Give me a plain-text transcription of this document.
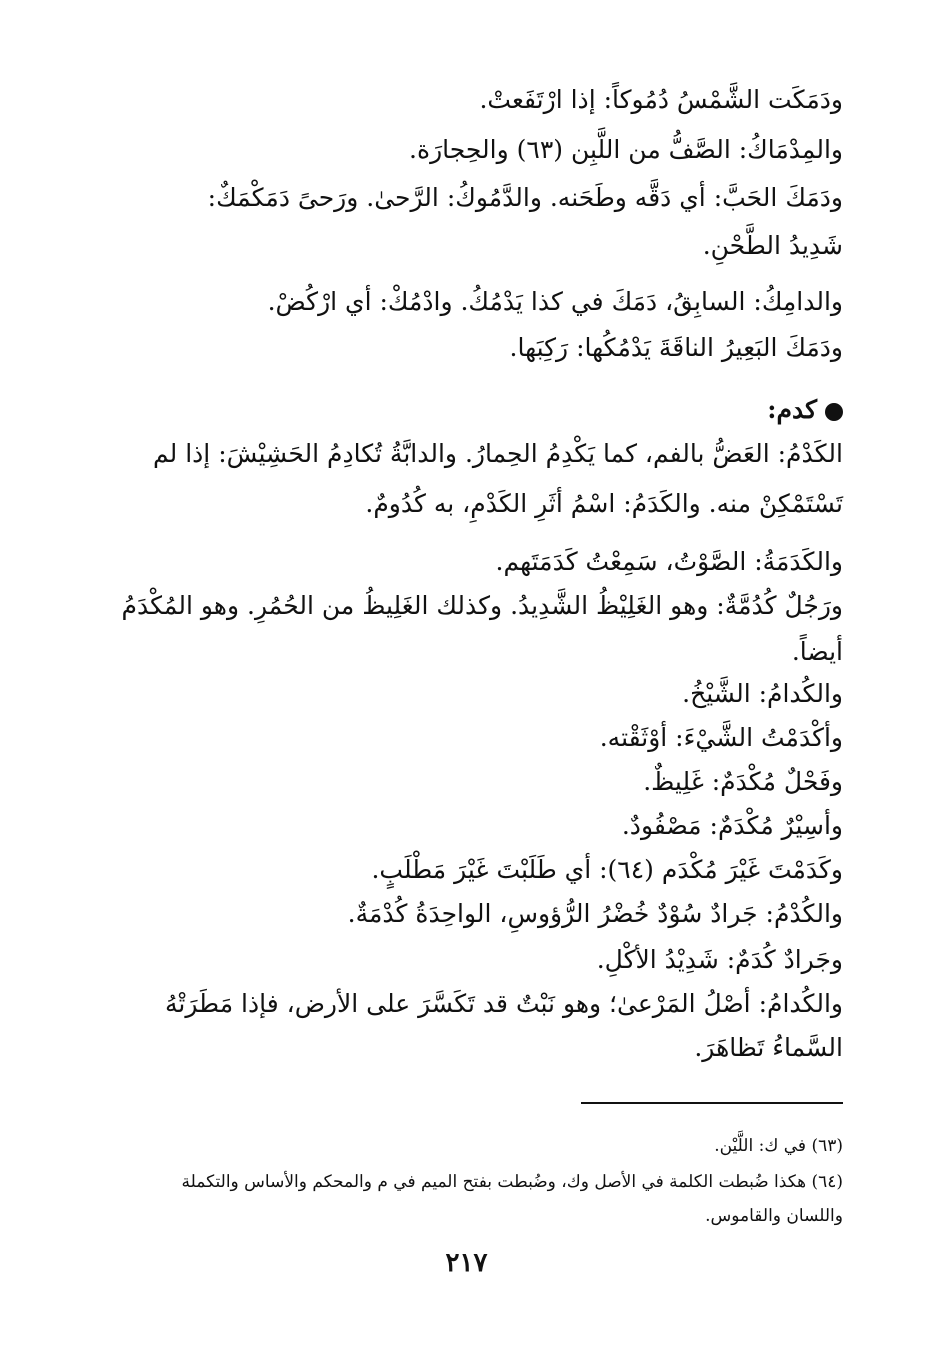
ودَمَكَت الشَّمْسُ دُمُوكاً: إذا ارْتَفَعتْ.
والمِدْمَاكُ: الصَّفُّ من اللَّبِن (٦٣) والحِجارَة.
ودَمَكَ الحَبَّ: أي دَقَّه وطَحَنه. والدَّمُوكُ: الرَّحىٰ. ورَحىً دَمَكْمَكٌ:
شَدِيدُ الطَّحْنِ.
والدامِكُ: السابِقُ، دَمَكَ في كذا يَدْمُكُ. وادْمُكْ: أي ارْكُضْ.
ودَمَكَ البَعِيرُ الناقَةَ يَدْمُكُها: رَكِبَها.
كدم:
الكَدْمُ: العَضُّ بالفم، كما يَكْدِمُ الحِمارُ. والدابَّةُ تُكادِمُ الحَشِيْشَ: إذا لم
تَسْتَمْكِنْ منه. والكَدَمُ: اسْمُ أثَرِ الكَدْمِ، به كُدُومٌ.
والكَدَمَةُ: الصَّوْتُ، سَمِعْتُ كَدَمَتَهم.
ورَجُلٌ كُدُمَّةٌ: وهو الغَلِيْظُ الشَّدِيدُ. وكذلك الغَلِيظُ من الحُمُرِ. وهو المُكْدَمُ
أيضاً.
والكُدامُ: الشَّيْخُ.
وأكْدَمْتُ الشَّيْءَ: أوْثَقْته.
وفَحْلٌ مُكْدَمٌ: غَلِيظٌ.
وأسِيْرٌ مُكْدَمٌ: مَصْفُودٌ.
وكَدَمْتَ غَيْرَ مُكْدَم (٦٤): أي طَلَبْتَ غَيْرَ مَطْلَبٍ.
والكُدْمُ: جَرادٌ سُوْدٌ خُضْرُ الرُّؤوسِ، الواحِدَةُ كُدْمَةٌ.
وجَرادٌ كُدَمٌ: شَدِيْدُ الأكْلِ.
والكُدامُ: أصْلُ المَرْعىٰ؛ وهو نَبْتٌ قد تَكَسَّرَ على الأرض، فإذا مَطَرَتْهُ
السَّماءُ تَظاهَرَ.
(٦٣) في ك: اللَّيْن.
(٦٤) هكذا ضُبطت الكلمة في الأصل وك، وضُبطت بفتح الميم في م والمحكم والأساس والتكملة
واللسان والقاموس.
٢١٧
